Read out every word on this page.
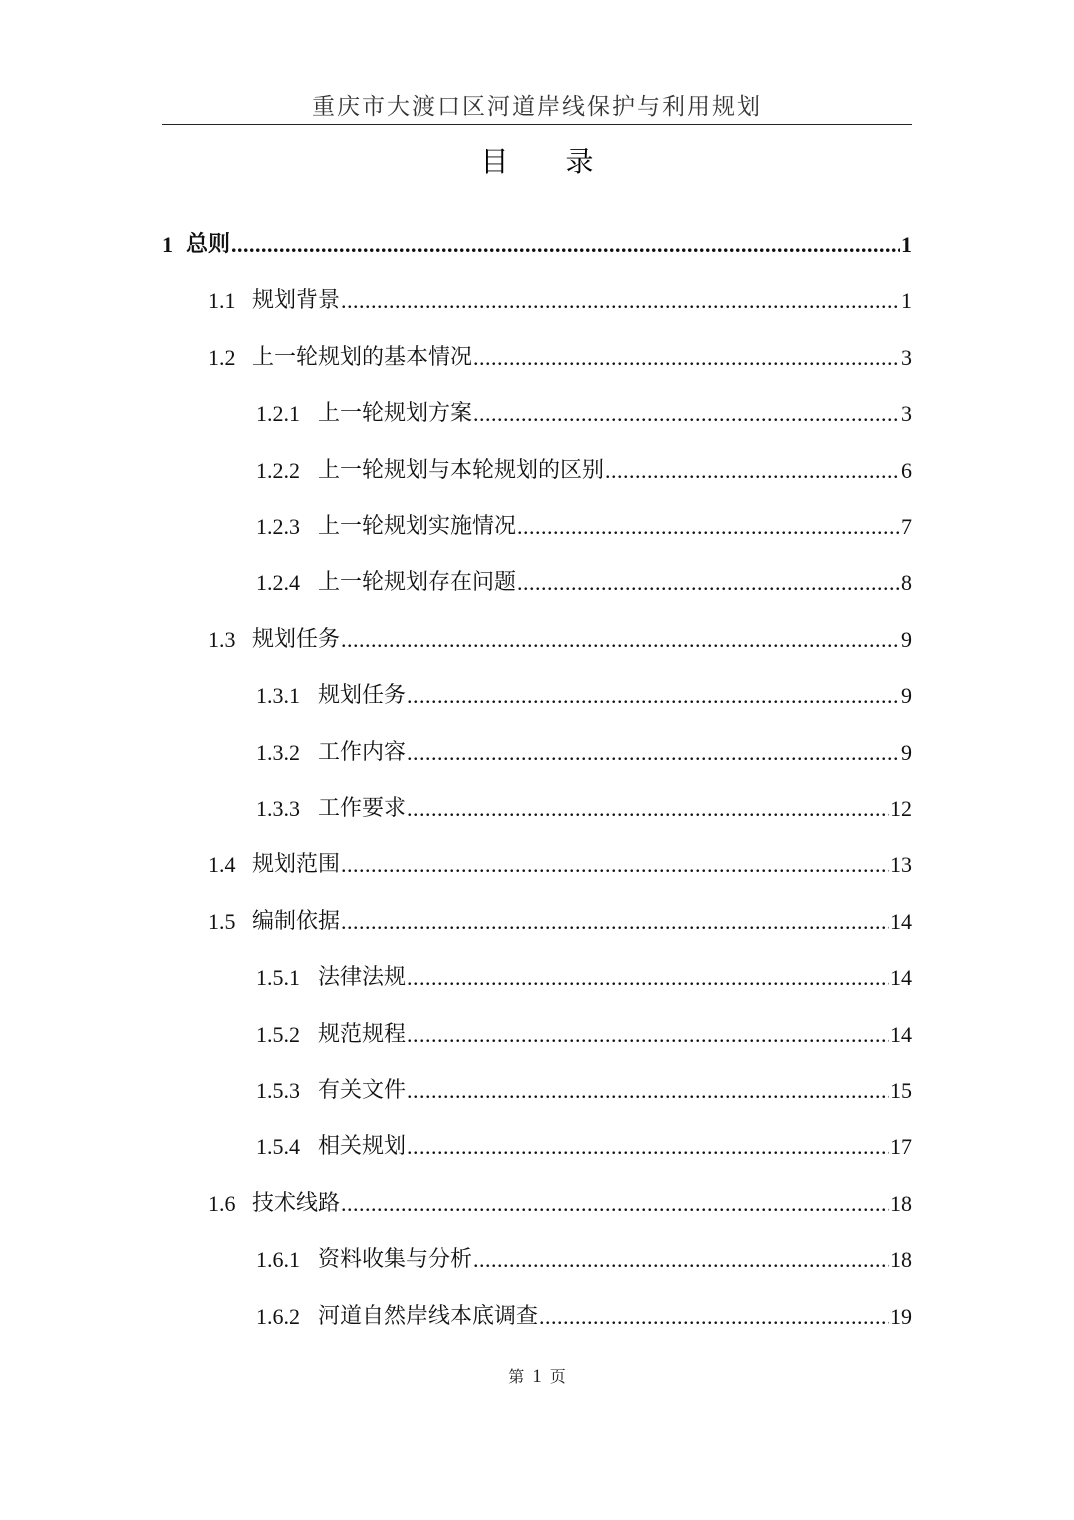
重庆市大渡口区河道岸线保护与利用规划
目 录
1 总则 .....	1
1.1 规划背景 .....	1
1.2 上一轮规划的基本情况 .....	3
1.2.1 上一轮规划方案 .....	3
1.2.2 上一轮规划与本轮规划的区别 .....	6
1.2.3 上一轮规划实施情况 .....	7
1.2.4 上一轮规划存在问题 .....	8
1.3 规划任务 .....	9
1.3.1 规划任务 .....	9
1.3.2 工作内容 .....	9
1.3.3 工作要求 .....	12
1.4 规划范围 .....	13
1.5 编制依据 .....	14
1.5.1 法律法规 .....	14
1.5.2 规范规程 .....	14
1.5.3 有关文件 .....	15
1.5.4 相关规划 .....	17
1.6 技术线路 .....	18
1.6.1 资料收集与分析 .....	18
1.6.2 河道自然岸线本底调查 .....	19
第 1 页
